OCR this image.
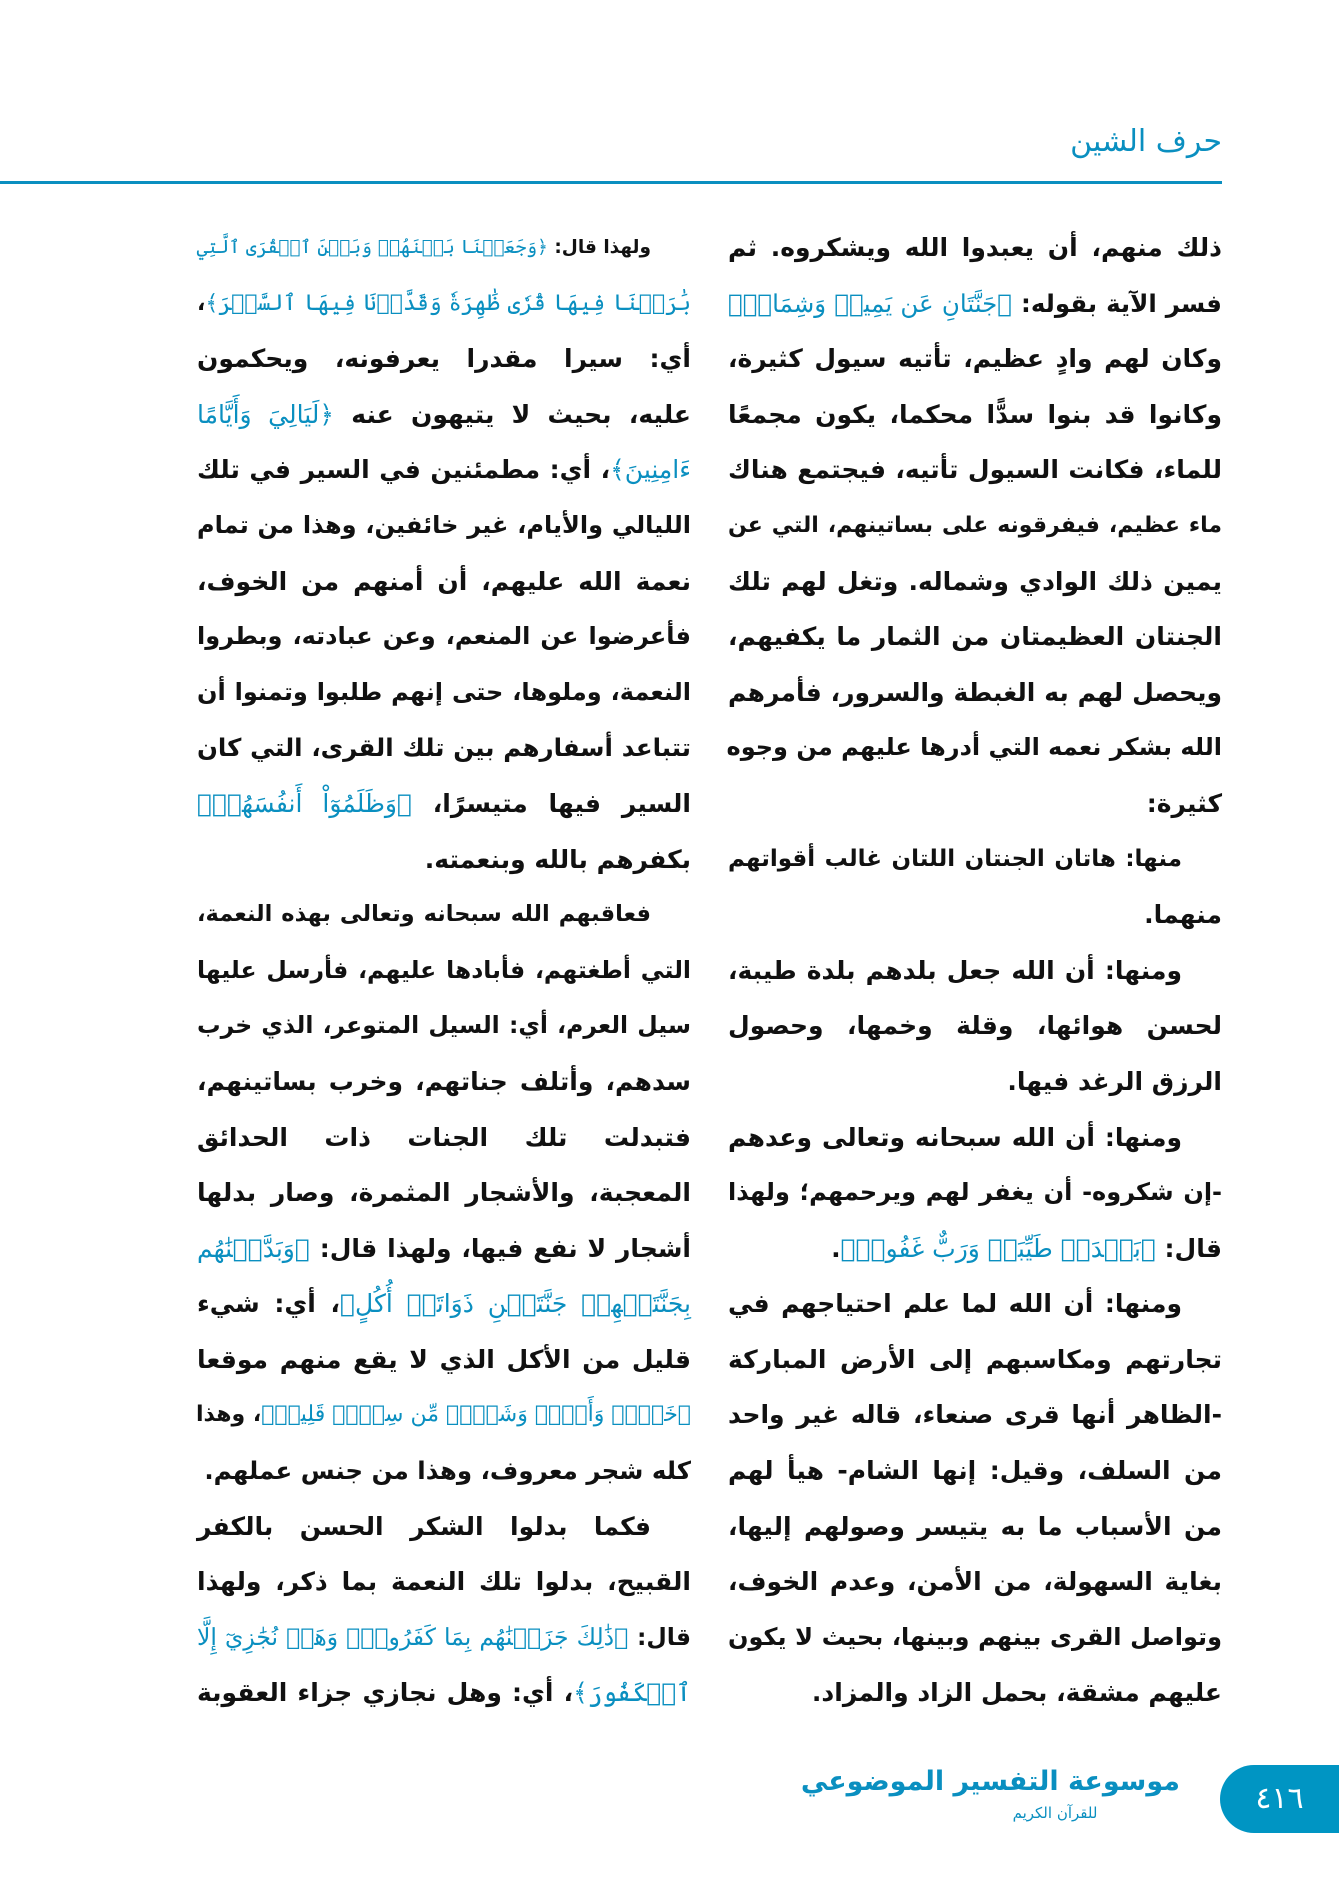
حرف الشين
ذلك منهم، أن يعبدوا الله ويشكروه. ثم
فسر الآية بقوله: ﴿جَنَّتَانِ عَن يَمِينٖ وَشِمَالٖ﴾
وكان لهم وادٍ عظيم، تأتيه سيول كثيرة،
وكانوا قد بنوا سدًّا محكما، يكون مجمعًا
للماء، فكانت السيول تأتيه، فيجتمع هناك
ماء عظيم، فيفرقونه على بساتينهم، التي عن
يمين ذلك الوادي وشماله. وتغل لهم تلك
الجنتان العظيمتان من الثمار ما يكفيهم،
ويحصل لهم به الغبطة والسرور، فأمرهم
الله بشكر نعمه التي أدرها عليهم من وجوه
كثيرة:
منها: هاتان الجنتان اللتان غالب أقواتهم
منهما.
ومنها: أن الله جعل بلدهم بلدة طيبة،
لحسن هوائها، وقلة وخمها، وحصول
الرزق الرغد فيها.
ومنها: أن الله سبحانه وتعالى وعدهم
-إن شكروه- أن يغفر لهم ويرحمهم؛ ولهذا
قال: ﴿بَلۡدَةٞ طَيِّبَةٞ وَرَبٌّ غَفُورٞ﴾.
ومنها: أن الله لما علم احتياجهم في
تجارتهم ومكاسبهم إلى الأرض المباركة
-الظاهر أنها قرى صنعاء، قاله غير واحد
من السلف، وقيل: إنها الشام- هيأ لهم
من الأسباب ما به يتيسر وصولهم إليها،
بغاية السهولة، من الأمن، وعدم الخوف،
وتواصل القرى بينهم وبينها، بحيث لا يكون
عليهم مشقة، بحمل الزاد والمزاد.
ولهذا قال: ﴿وَجَعَلۡنَا بَيۡنَهُمۡ وَبَيۡنَ ٱلۡقُرَى ٱلَّتِي
بَٰرَكۡنَا فِيهَا قُرٗى ظَٰهِرَةٗ وَقَدَّرۡنَا فِيهَا ٱلسَّيۡرَ﴾،
أي: سيرا مقدرا يعرفونه، ويحكمون
عليه، بحيث لا يتيهون عنه ﴿لَيَالِيَ وَأَيَّامًا
ءَامِنِينَ﴾، أي: مطمئنين في السير في تلك
الليالي والأيام، غير خائفين، وهذا من تمام
نعمة الله عليهم، أن أمنهم من الخوف،
فأعرضوا عن المنعم، وعن عبادته، وبطروا
النعمة، وملوها، حتى إنهم طلبوا وتمنوا أن
تتباعد أسفارهم بين تلك القرى، التي كان
السير فيها متيسرًا، ﴿وَظَلَمُوٓاْ أَنفُسَهُمۡ﴾
بكفرهم بالله وبنعمته.
فعاقبهم الله سبحانه وتعالى بهذه النعمة،
التي أطغتهم، فأبادها عليهم، فأرسل عليها
سيل العرم، أي: السيل المتوعر، الذي خرب
سدهم، وأتلف جناتهم، وخرب بساتينهم،
فتبدلت تلك الجنات ذات الحدائق
المعجبة، والأشجار المثمرة، وصار بدلها
أشجار لا نفع فيها، ولهذا قال: ﴿وَبَدَّلۡنَٰهُم
بِجَنَّتَيۡهِمۡ جَنَّتَيۡنِ ذَوَاتَيۡ أُكُلٍ﴾، أي: شيء
قليل من الأكل الذي لا يقع منهم موقعا
﴿خَمۡطٖ وَأَثۡلٖ وَشَيۡءٖ مِّن سِدۡرٖ قَلِيلٖ﴾، وهذا
كله شجر معروف، وهذا من جنس عملهم.
فكما بدلوا الشكر الحسن بالكفر
القبيح، بدلوا تلك النعمة بما ذكر، ولهذا
قال: ﴿ذَٰلِكَ جَزَيۡنَٰهُم بِمَا كَفَرُواْۖ وَهَلۡ نُجَٰزِيٓ إِلَّا
ٱلۡكَفُورَ﴾، أي: وهل نجازي جزاء العقوبة
موسوعة التفسير الموضوعي
للقرآن الكريم	٤١٦
